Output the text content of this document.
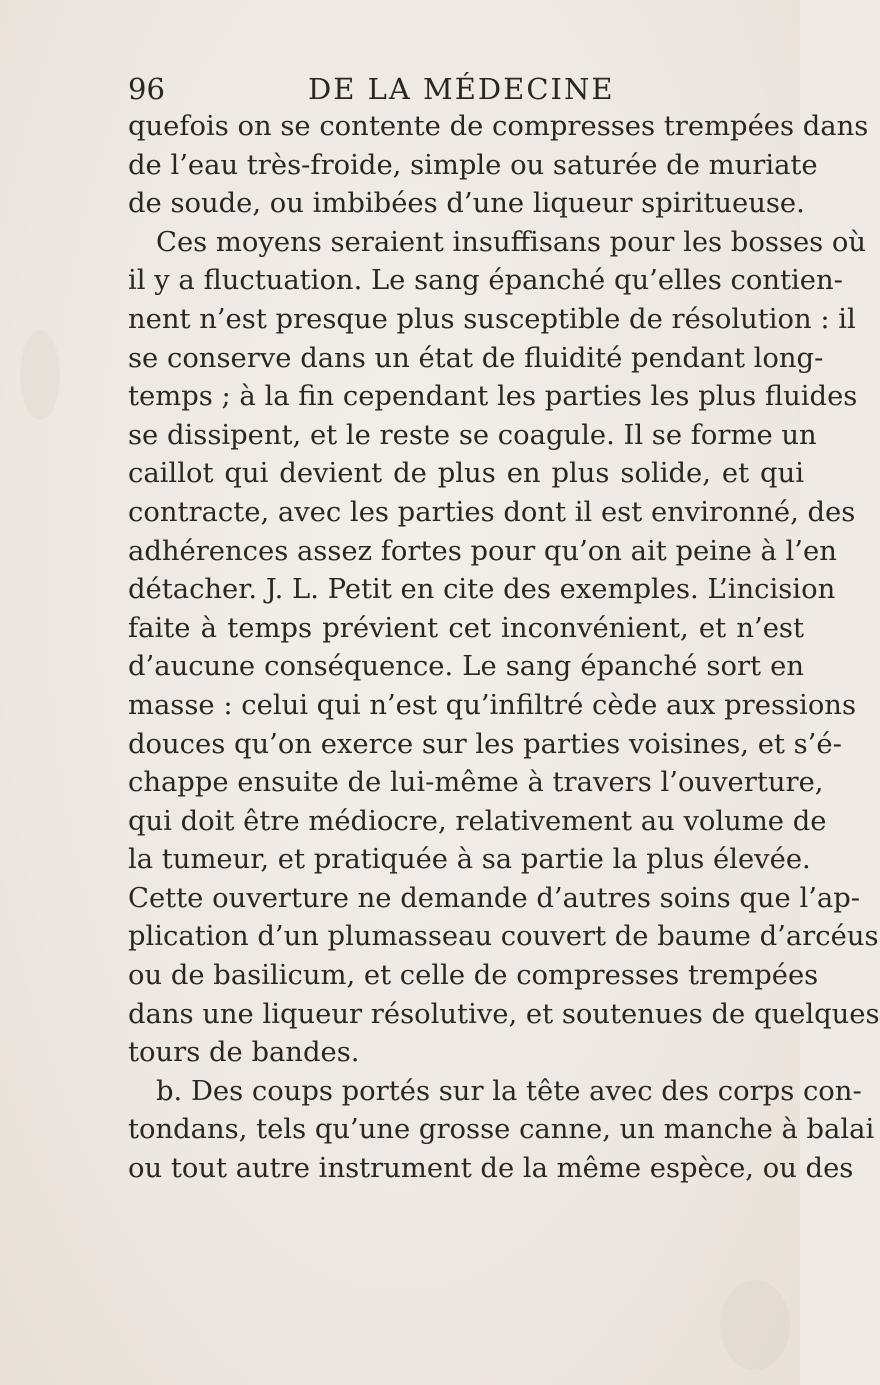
96	DE LA MÉDECINE
quefois on se contente de compresses trempées dans
de l’eau très-froide, simple ou saturée de muriate
de soude, ou imbibées d’une liqueur spiritueuse.
Ces moyens seraient insuffisans pour les bosses où
il y a fluctuation. Le sang épanché qu’elles contien-
nent n’est presque plus susceptible de résolution : il
se conserve dans un état de fluidité pendant long-
temps ; à la fin cependant les parties les plus fluides
se dissipent, et le reste se coagule. Il se forme un
caillot qui devient de plus en plus solide, et qui
contracte, avec les parties dont il est environné, des
adhérences assez fortes pour qu’on ait peine à l’en
détacher. J. L. Petit en cite des exemples. L’incision
faite à temps prévient cet inconvénient, et n’est
d’aucune conséquence. Le sang épanché sort en
masse : celui qui n’est qu’infiltré cède aux pressions
douces qu’on exerce sur les parties voisines, et s’é-
chappe ensuite de lui-même à travers l’ouverture,
qui doit être médiocre, relativement au volume de
la tumeur, et pratiquée à sa partie la plus élevée.
Cette ouverture ne demande d’autres soins que l’ap-
plication d’un plumasseau couvert de baume d’arcéus
ou de basilicum, et celle de compresses trempées
dans une liqueur résolutive, et soutenues de quelques
tours de bandes.
b. Des coups portés sur la tête avec des corps con-
tondans, tels qu’une grosse canne, un manche à balai
ou tout autre instrument de la même espèce, ou des
